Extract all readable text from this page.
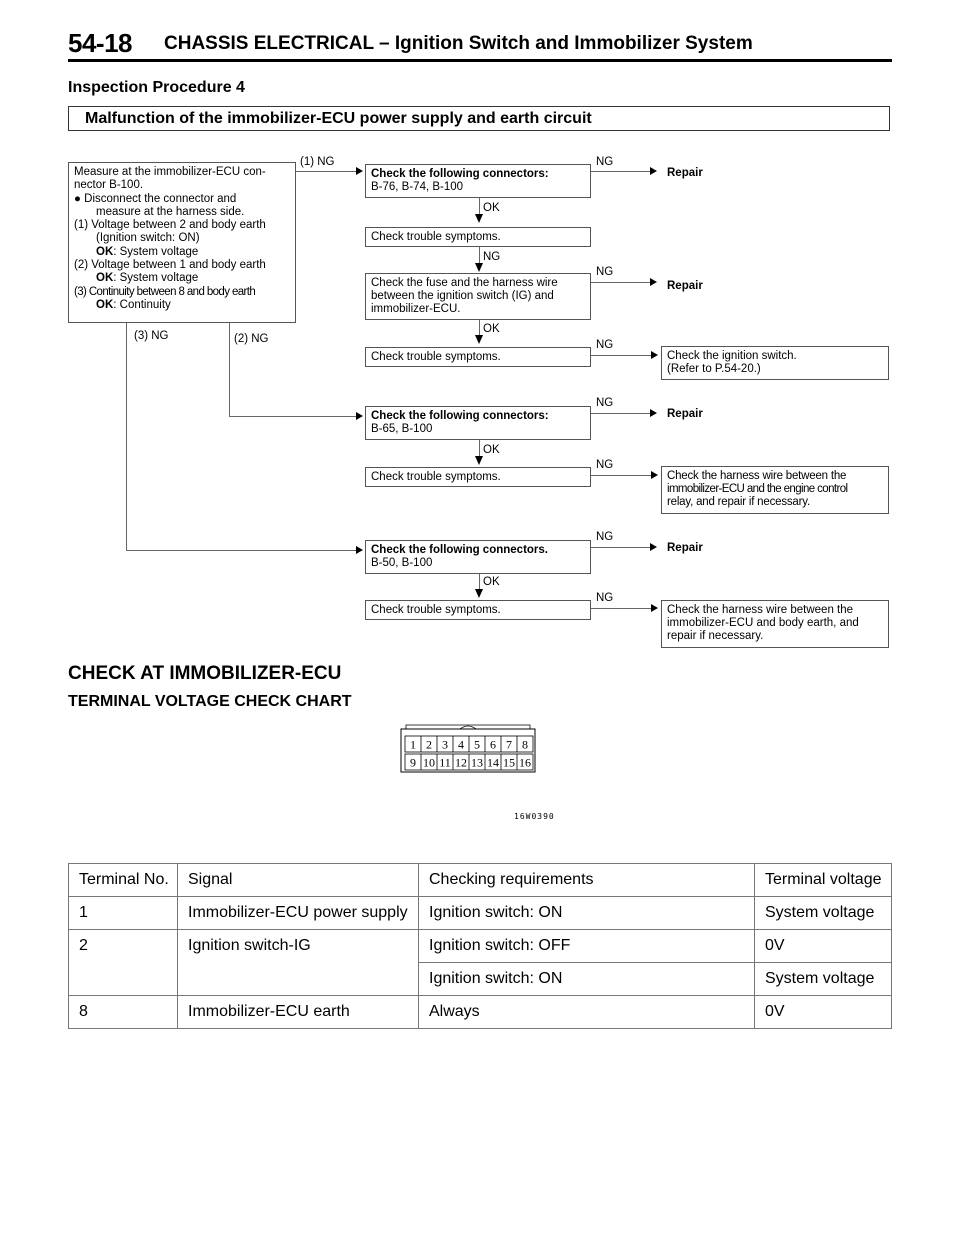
54-18 CHASSIS ELECTRICAL – Ignition Switch and Immobilizer System
Inspection Procedure 4
Malfunction of the immobilizer-ECU power supply and earth circuit
Measure at the immobilizer-ECU con-
nector B-100.
● Disconnect the connector and
measure at the harness side.
(1) Voltage between 2 and body earth
(Ignition switch: ON)
OK: System voltage
(2) Voltage between 1 and body earth
OK: System voltage
(3) Continuity between 8 and body earth
OK: Continuity
(1) NG
Check the following connectors:
B-76, B-74, B-100
NG
Repair
OK
Check trouble symptoms.
NG
Check the fuse and the harness wire
between the ignition switch (IG) and
immobilizer-ECU.
NG
Repair
OK
Check trouble symptoms.
NG
Check the ignition switch.
(Refer to P.54-20.)
(3) NG	(2) NG
Check the following connectors:
B-65, B-100
NG
Repair
OK
Check trouble symptoms.
NG
Check the harness wire between the
immobilizer-ECU and the engine control
relay, and repair if necessary.
Check the following connectors.
B-50, B-100
NG
Repair
OK
Check trouble symptoms.
NG
Check the harness wire between the
immobilizer-ECU and body earth, and
repair if necessary.
CHECK AT IMMOBILIZER-ECU
TERMINAL VOLTAGE CHECK CHART
1 2 3 4 5 6 7 8
9 10 11 12 13 14 15 16
16W0390
Terminal No.	Signal	Checking requirements	Terminal voltage
1	Immobilizer-ECU power supply	Ignition switch: ON	System voltage
2	Ignition switch-IG	Ignition switch: OFF	0V
		Ignition switch: ON	System voltage
8	Immobilizer-ECU earth	Always	0V
